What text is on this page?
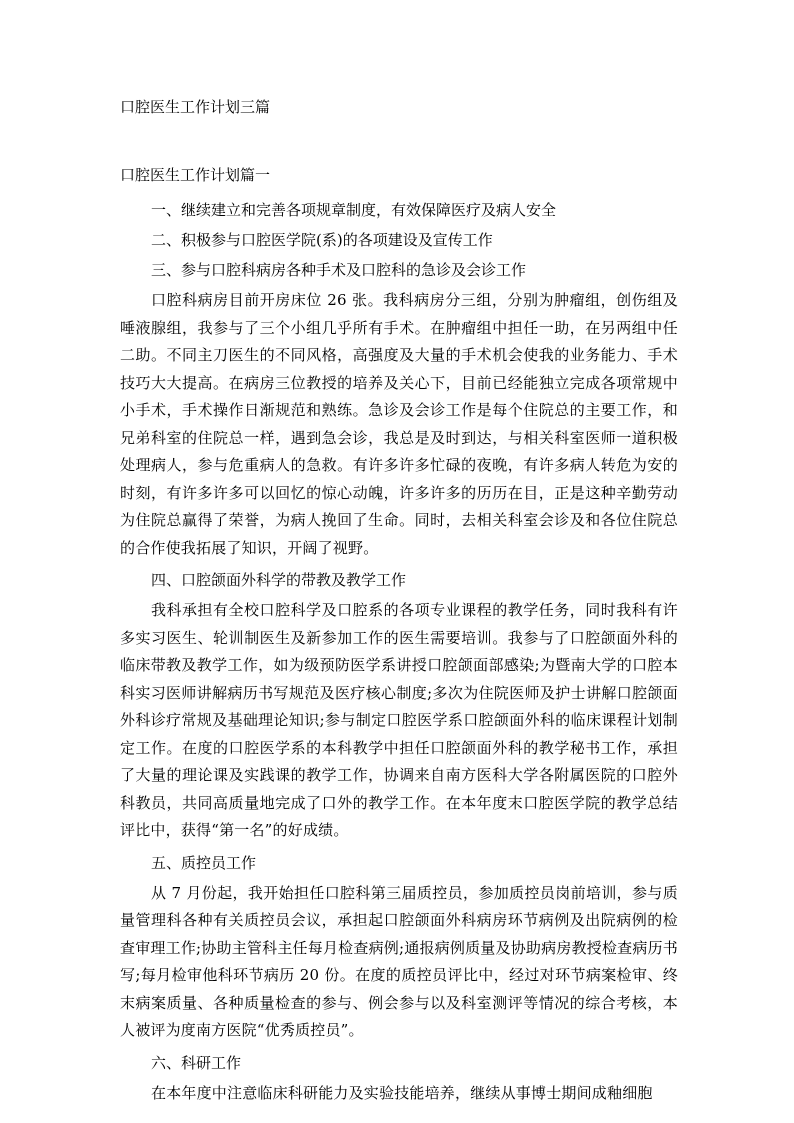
口腔医生工作计划三篇
口腔医生工作计划篇一

一、继续建立和完善各项规章制度，有效保障医疗及病人安全

二、积极参与口腔医学院(系)的各项建设及宣传工作

三、参与口腔科病房各种手术及口腔科的急诊及会诊工作

口腔科病房目前开房床位 26 张。我科病房分三组，分别为肿瘤组，创伤组及唾液腺组，我参与了三个小组几乎所有手术。在肿瘤组中担任一助，在另两组中任二助。不同主刀医生的不同风格，高强度及大量的手术机会使我的业务能力、手术技巧大大提高。在病房三位教授的培养及关心下，目前已经能独立完成各项常规中小手术，手术操作日渐规范和熟练。急诊及会诊工作是每个住院总的主要工作，和兄弟科室的住院总一样，遇到急会诊，我总是及时到达，与相关科室医师一道积极处理病人，参与危重病人的急救。有许多许多忙碌的夜晚，有许多病人转危为安的时刻，有许多许多可以回忆的惊心动魄，许多许多的历历在目，正是这种辛勤劳动为住院总赢得了荣誉，为病人挽回了生命。同时，去相关科室会诊及和各位住院总的合作使我拓展了知识，开阔了视野。

四、口腔颌面外科学的带教及教学工作

我科承担有全校口腔科学及口腔系的各项专业课程的教学任务，同时我科有许多实习医生、轮训制医生及新参加工作的医生需要培训。我参与了口腔颌面外科的临床带教及教学工作，如为级预防医学系讲授口腔颌面部感染;为暨南大学的口腔本科实习医师讲解病历书写规范及医疗核心制度;多次为住院医师及护士讲解口腔颌面外科诊疗常规及基础理论知识;参与制定口腔医学系口腔颌面外科的临床课程计划制定工作。在度的口腔医学系的本科教学中担任口腔颌面外科的教学秘书工作，承担了大量的理论课及实践课的教学工作，协调来自南方医科大学各附属医院的口腔外科教员，共同高质量地完成了口外的教学工作。在本年度末口腔医学院的教学总结评比中，获得“第一名”的好成绩。

五、质控员工作

从 7 月份起，我开始担任口腔科第三届质控员，参加质控员岗前培训，参与质量管理科各种有关质控员会议，承担起口腔颌面外科病房环节病例及出院病例的检查审理工作;协助主管科主任每月检查病例;通报病例质量及协助病房教授检查病历书写;每月检审他科环节病历 20 份。在度的质控员评比中，经过对环节病案检审、终末病案质量、各种质量检查的参与、例会参与以及科室测评等情况的综合考核，本人被评为度南方医院“优秀质控员”。

六、科研工作

在本年度中注意临床科研能力及实验技能培养，继续从事博士期间成釉细胞
